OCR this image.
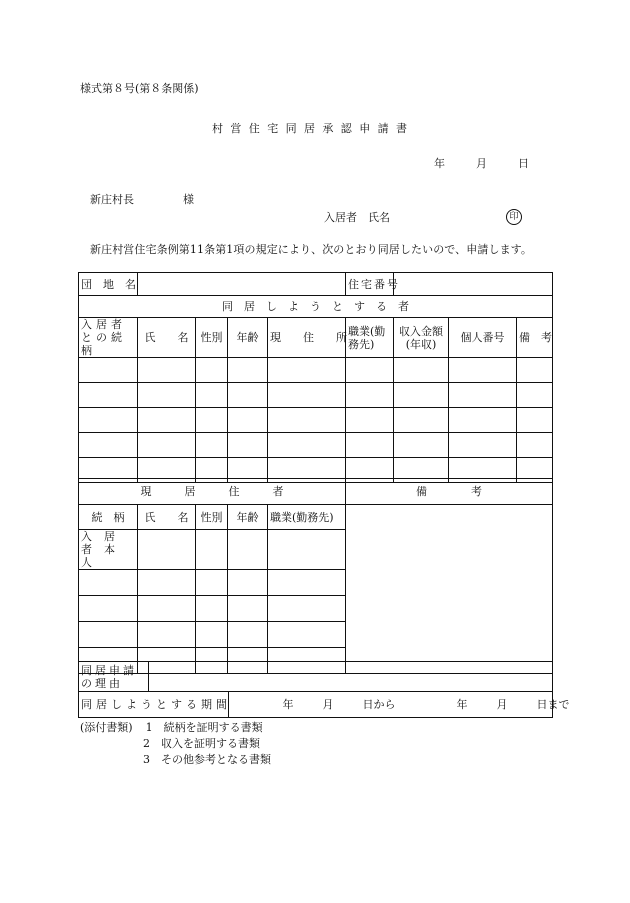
様式第８号(第８条関係)
村営住宅同居承認申請書
年	月	日
新庄村長	様
入居者　氏名	印
新庄村営住宅条例第11条第1項の規定により、次のとおり同居したいので、申請します。
団　地　名					住宅番号			
同　居　し　よ　う　と　す　る　者								
入居者との続柄	氏　　名	性別	年齢	現　　住　　所	職業(勤務先)	収入金額(年収)	個人番号	備　考

現　　　居　　　住　　　者					備　　　　考
続　柄	氏　　名	性別	年齢	職業(勤務先)	
入居者本人					

同居申請の理由		
同居しようとする期間		年 月 日から 年 月 日まで
(添付書類) 1　続柄を証明する書類
2　収入を証明する書類
3　その他参考となる書類
